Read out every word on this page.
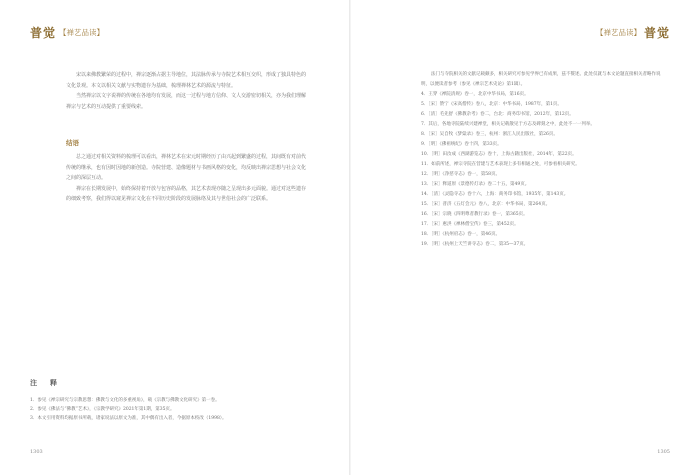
普觉 【禅艺品读】

宋以来佛教繁荣的过程中，禅宗逐渐占据主导地位，其法脉传承与寺院艺术相互交织，形成了独具特色的文化景观。本文以相关文献与实物遗存为基础，梳理禅林艺术的源流与特征。

当然禅宗以文字说禅的传统在各地均有发展，而这一过程与地方信仰、文人交游密切相关，亦为我们理解禅宗与艺术的互动提供了重要线索。

结语

总之通过对相关资料的梳理可以看出，禅林艺术在宋元时期经历了由兴起到繁盛的过程，其间既有对前代传统的继承，也有因时因地的新创造。寺院营建、造像题材与书画风格的变化，均反映出禅宗思想与社会文化之间的深层互动。

禅宗在长期发展中，始终保持着开放与包容的品格，其艺术表现亦随之呈现出多元面貌。通过对这些遗存的细致考察，我们得以窥见禅宗文化在不同历史阶段的发展脉络及其与世俗社会的广泛联系。

注　释

1．参见《禅宗研究与宗教思想：佛教与文化的多重视角》，载《宗教与佛教文化研究》第一卷。

2．参见《佛法与“佛教”艺术》，《宗教学研究》2021年第1期，第35页。

3．本文引用资料均据原书所载，诸家说法以原文为准，其中偶有出入者，今据原本校改（1998）。

1303
【禅艺品读】 普觉

法门与寺院相关的文献记载颇多，相关研究可参见学界已有成果，兹不赘述。此处仅就与本文论题直接相关者略作说明，以便读者参考（参见《禅宗艺术史论》第1辑）。

4．王穿《禅院清规》卷一，北京中华书局，第16页。

5．［宋］赞宁《宋高僧传》卷八，北京：中华书局，1987年，第1页。

6．［清］毛先舒《佛教杂考》卷二，台北：商务印书馆，2012年，第12页。

7．其后，各地寺院陆续兴建禅堂，相关记载散见于方志及碑刻之中，此处不一一列举。

8．［宋］吴自牧《梦粱录》卷三，杭州：浙江人民出版社，第26页。

9．［明］《佛祖统纪》卷十四，第33页。

10．［明］田汝成《西湖游览志》卷十，上海古籍出版社，2014年，第22页。

11．如前所述，禅宗寺院在营建与艺术表现上多有相通之处，可参看相关研究。

12．［明］《净慈寺志》卷一，第58页。

13．［宋］释道原《景德传灯录》卷二十五，第49页。

14．［清］《灵隐寺志》卷十六，上海：商务印书馆，1935年，第143页。

15．［宋］普济《五灯会元》卷八，北京：中华书局，第264页。

16．［宋］宗晓《四明尊者教行录》卷一，第365页。

17．［宋］惠洪《禅林僧宝传》卷三，第452页。

18．［明］《杭州府志》卷一，第46页。

19．［明］《杭州上天竺讲寺志》卷二，第35—37页。

1305
